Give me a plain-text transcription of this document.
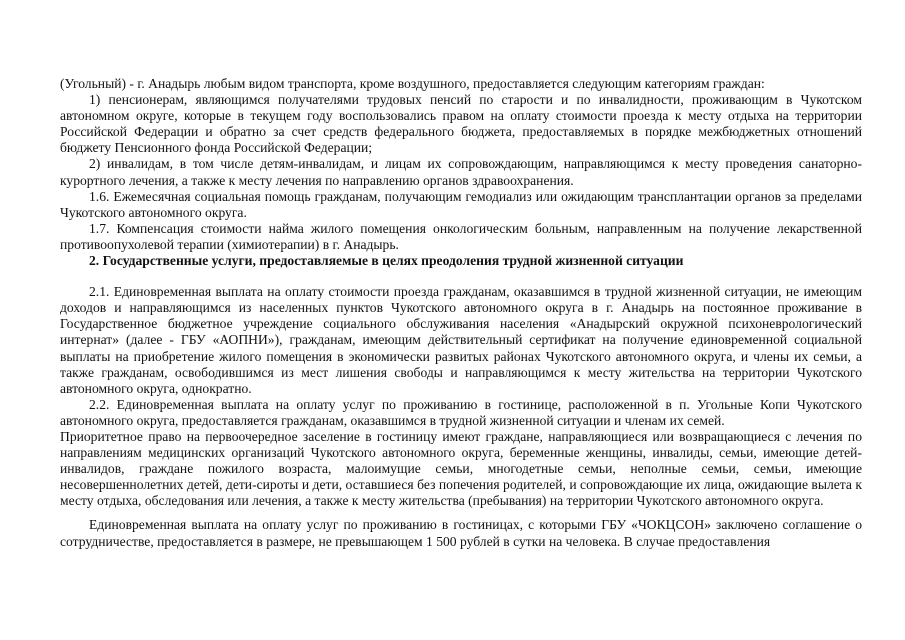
(Угольный) - г. Анадырь любым видом транспорта, кроме воздушного, предоставляется следующим категориям граждан:

1) пенсионерам, являющимся получателями трудовых пенсий по старости и по инвалидности, проживающим в Чукотском автономном округе, которые в текущем году воспользовались правом на оплату стоимости проезда к месту отдыха на территории Российской Федерации и обратно за счет средств федерального бюджета, предоставляемых в порядке межбюджетных отношений бюджету Пенсионного фонда Российской Федерации;

2) инвалидам, в том числе детям-инвалидам, и лицам их сопровождающим, направляющимся к месту проведения санаторно-курортного лечения, а также к месту лечения по направлению органов здравоохранения.

1.6. Ежемесячная социальная помощь гражданам, получающим гемодиализ или ожидающим трансплантации органов за пределами Чукотского автономного округа.

1.7. Компенсация стоимости найма жилого помещения онкологическим больным, направленным на получение лекарственной противоопухолевой терапии (химиотерапии) в г. Анадырь.

2. Государственные услуги, предоставляемые в целях преодоления трудной жизненной ситуации

2.1. Единовременная выплата на оплату стоимости проезда гражданам, оказавшимся в трудной жизненной ситуации, не имеющим доходов и направляющимся из населенных пунктов Чукотского автономного округа в г. Анадырь на постоянное проживание в Государственное бюджетное учреждение социального обслуживания населения «Анадырский окружной психоневрологический интернат» (далее - ГБУ «АОПНИ»), гражданам, имеющим действительный сертификат на получение единовременной социальной выплаты на приобретение жилого помещения в экономически развитых районах Чукотского автономного округа, и члены их семьи, а также гражданам, освободившимся из мест лишения свободы и направляющимся к месту жительства на территории Чукотского автономного округа, однократно.

2.2. Единовременная выплата на оплату услуг по проживанию в гостинице, расположенной в п. Угольные Копи Чукотского автономного округа, предоставляется гражданам, оказавшимся в трудной жизненной ситуации и членам их семей.

Приоритетное право на первоочередное заселение в гостиницу имеют граждане, направляющиеся или возвращающиеся с лечения по направлениям медицинских организаций Чукотского автономного округа, беременные женщины, инвалиды, семьи, имеющие детей-инвалидов, граждане пожилого возраста, малоимущие семьи, многодетные семьи, неполные семьи, семьи, имеющие несовершеннолетних детей, дети-сироты и дети, оставшиеся без попечения родителей, и сопровождающие их лица, ожидающие вылета к месту отдыха, обследования или лечения, а также к месту жительства (пребывания) на территории Чукотского автономного округа.

Единовременная выплата на оплату услуг по проживанию в гостиницах, с которыми ГБУ «ЧОКЦСОН» заключено соглашение о сотрудничестве, предоставляется в размере, не превышающем 1 500 рублей в сутки на человека. В случае предоставления
